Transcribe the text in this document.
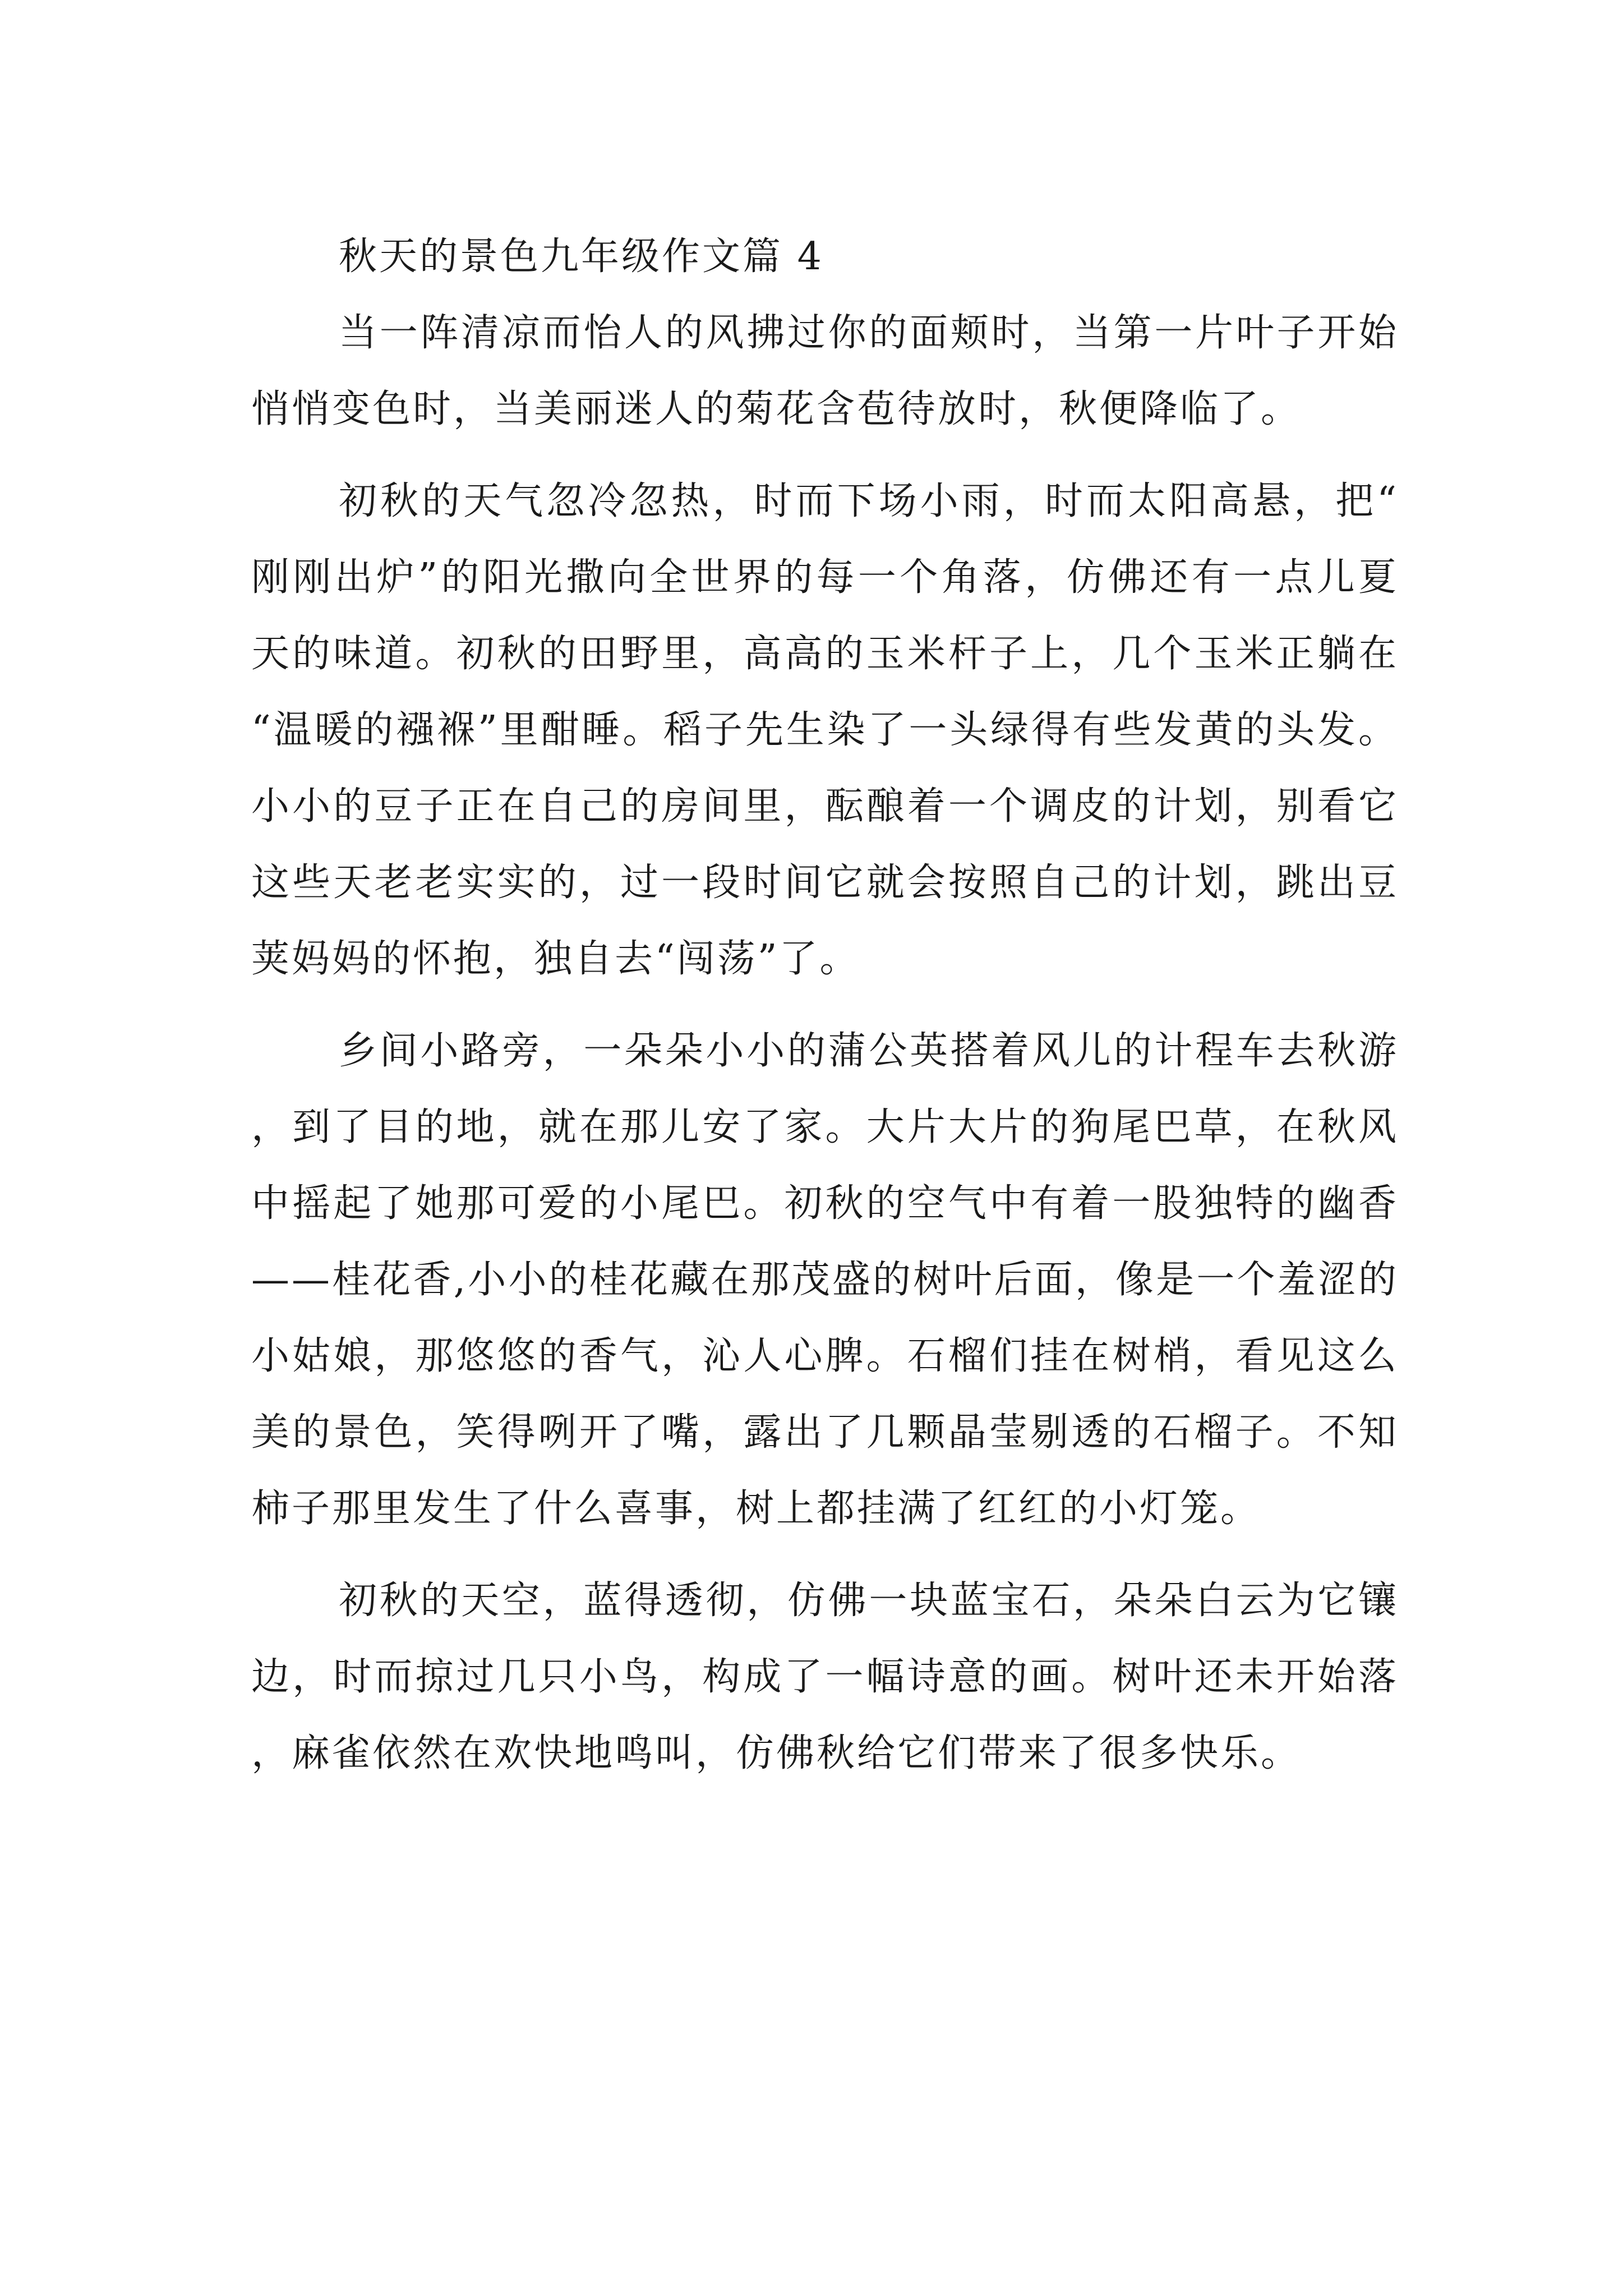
秋天的景色九年级作文篇 4

当一阵清凉而怡人的风拂过你的面颊时，当第一片叶子开始悄悄变色时，当美丽迷人的菊花含苞待放时，秋便降临了。

初秋的天气忽冷忽热，时而下场小雨，时而太阳高悬，把“刚刚出炉”的阳光撒向全世界的每一个角落，仿佛还有一点儿夏天的味道。初秋的田野里，高高的玉米杆子上，几个玉米正躺在“温暖的襁褓”里酣睡。稻子先生染了一头绿得有些发黄的头发。小小的豆子正在自己的房间里，酝酿着一个调皮的计划，别看它这些天老老实实的，过一段时间它就会按照自己的计划，跳出豆荚妈妈的怀抱，独自去“闯荡”了。

乡间小路旁，一朵朵小小的蒲公英搭着风儿的计程车去秋游，到了目的地，就在那儿安了家。大片大片的狗尾巴草，在秋风中摇起了她那可爱的小尾巴。初秋的空气中有着一股独特的幽香——桂花香,小小的桂花藏在那茂盛的树叶后面，像是一个羞涩的小姑娘，那悠悠的香气，沁人心脾。石榴们挂在树梢，看见这么美的景色，笑得咧开了嘴，露出了几颗晶莹剔透的石榴子。不知柿子那里发生了什么喜事，树上都挂满了红红的小灯笼。

初秋的天空，蓝得透彻，仿佛一块蓝宝石，朵朵白云为它镶边，时而掠过几只小鸟，构成了一幅诗意的画。树叶还未开始落，麻雀依然在欢快地鸣叫，仿佛秋给它们带来了很多快乐。
